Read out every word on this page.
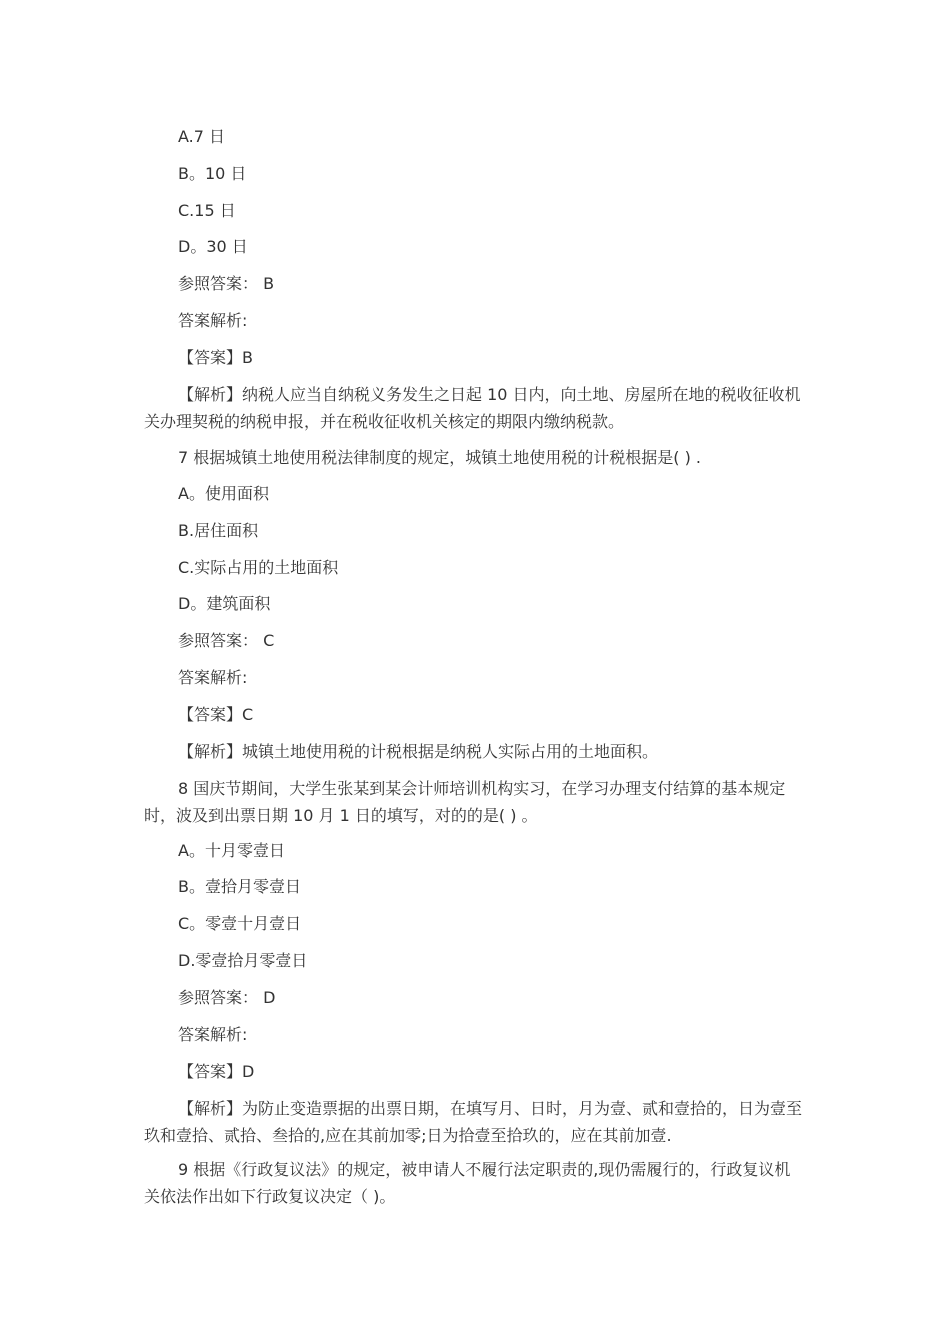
A.7 日
B。10 日
C.15 日
D。30 日
参照答案： B
答案解析:
【答案】B
【解析】纳税人应当自纳税义务发生之日起 10 日内，向土地、房屋所在地的税收征收机关办理契税的纳税申报，并在税收征收机关核定的期限内缴纳税款。
7 根据城镇土地使用税法律制度的规定，城镇土地使用税的计税根据是( ) .
A。使用面积
B.居住面积
C.实际占用的土地面积
D。建筑面积
参照答案： C
答案解析:
【答案】C
【解析】城镇土地使用税的计税根据是纳税人实际占用的土地面积。
8 国庆节期间，大学生张某到某会计师培训机构实习，在学习办理支付结算的基本规定时，波及到出票日期 10 月 1 日的填写，对的的是( ) 。
A。十月零壹日
B。壹拾月零壹日
C。零壹十月壹日
D.零壹拾月零壹日
参照答案： D
答案解析:
【答案】D
【解析】为防止变造票据的出票日期，在填写月、日时，月为壹、贰和壹拾的，日为壹至玖和壹拾、贰拾、叁拾的,应在其前加零;日为拾壹至拾玖的，应在其前加壹.
9 根据《行政复议法》的规定，被申请人不履行法定职责的,现仍需履行的，行政复议机关依法作出如下行政复议决定（ )。
